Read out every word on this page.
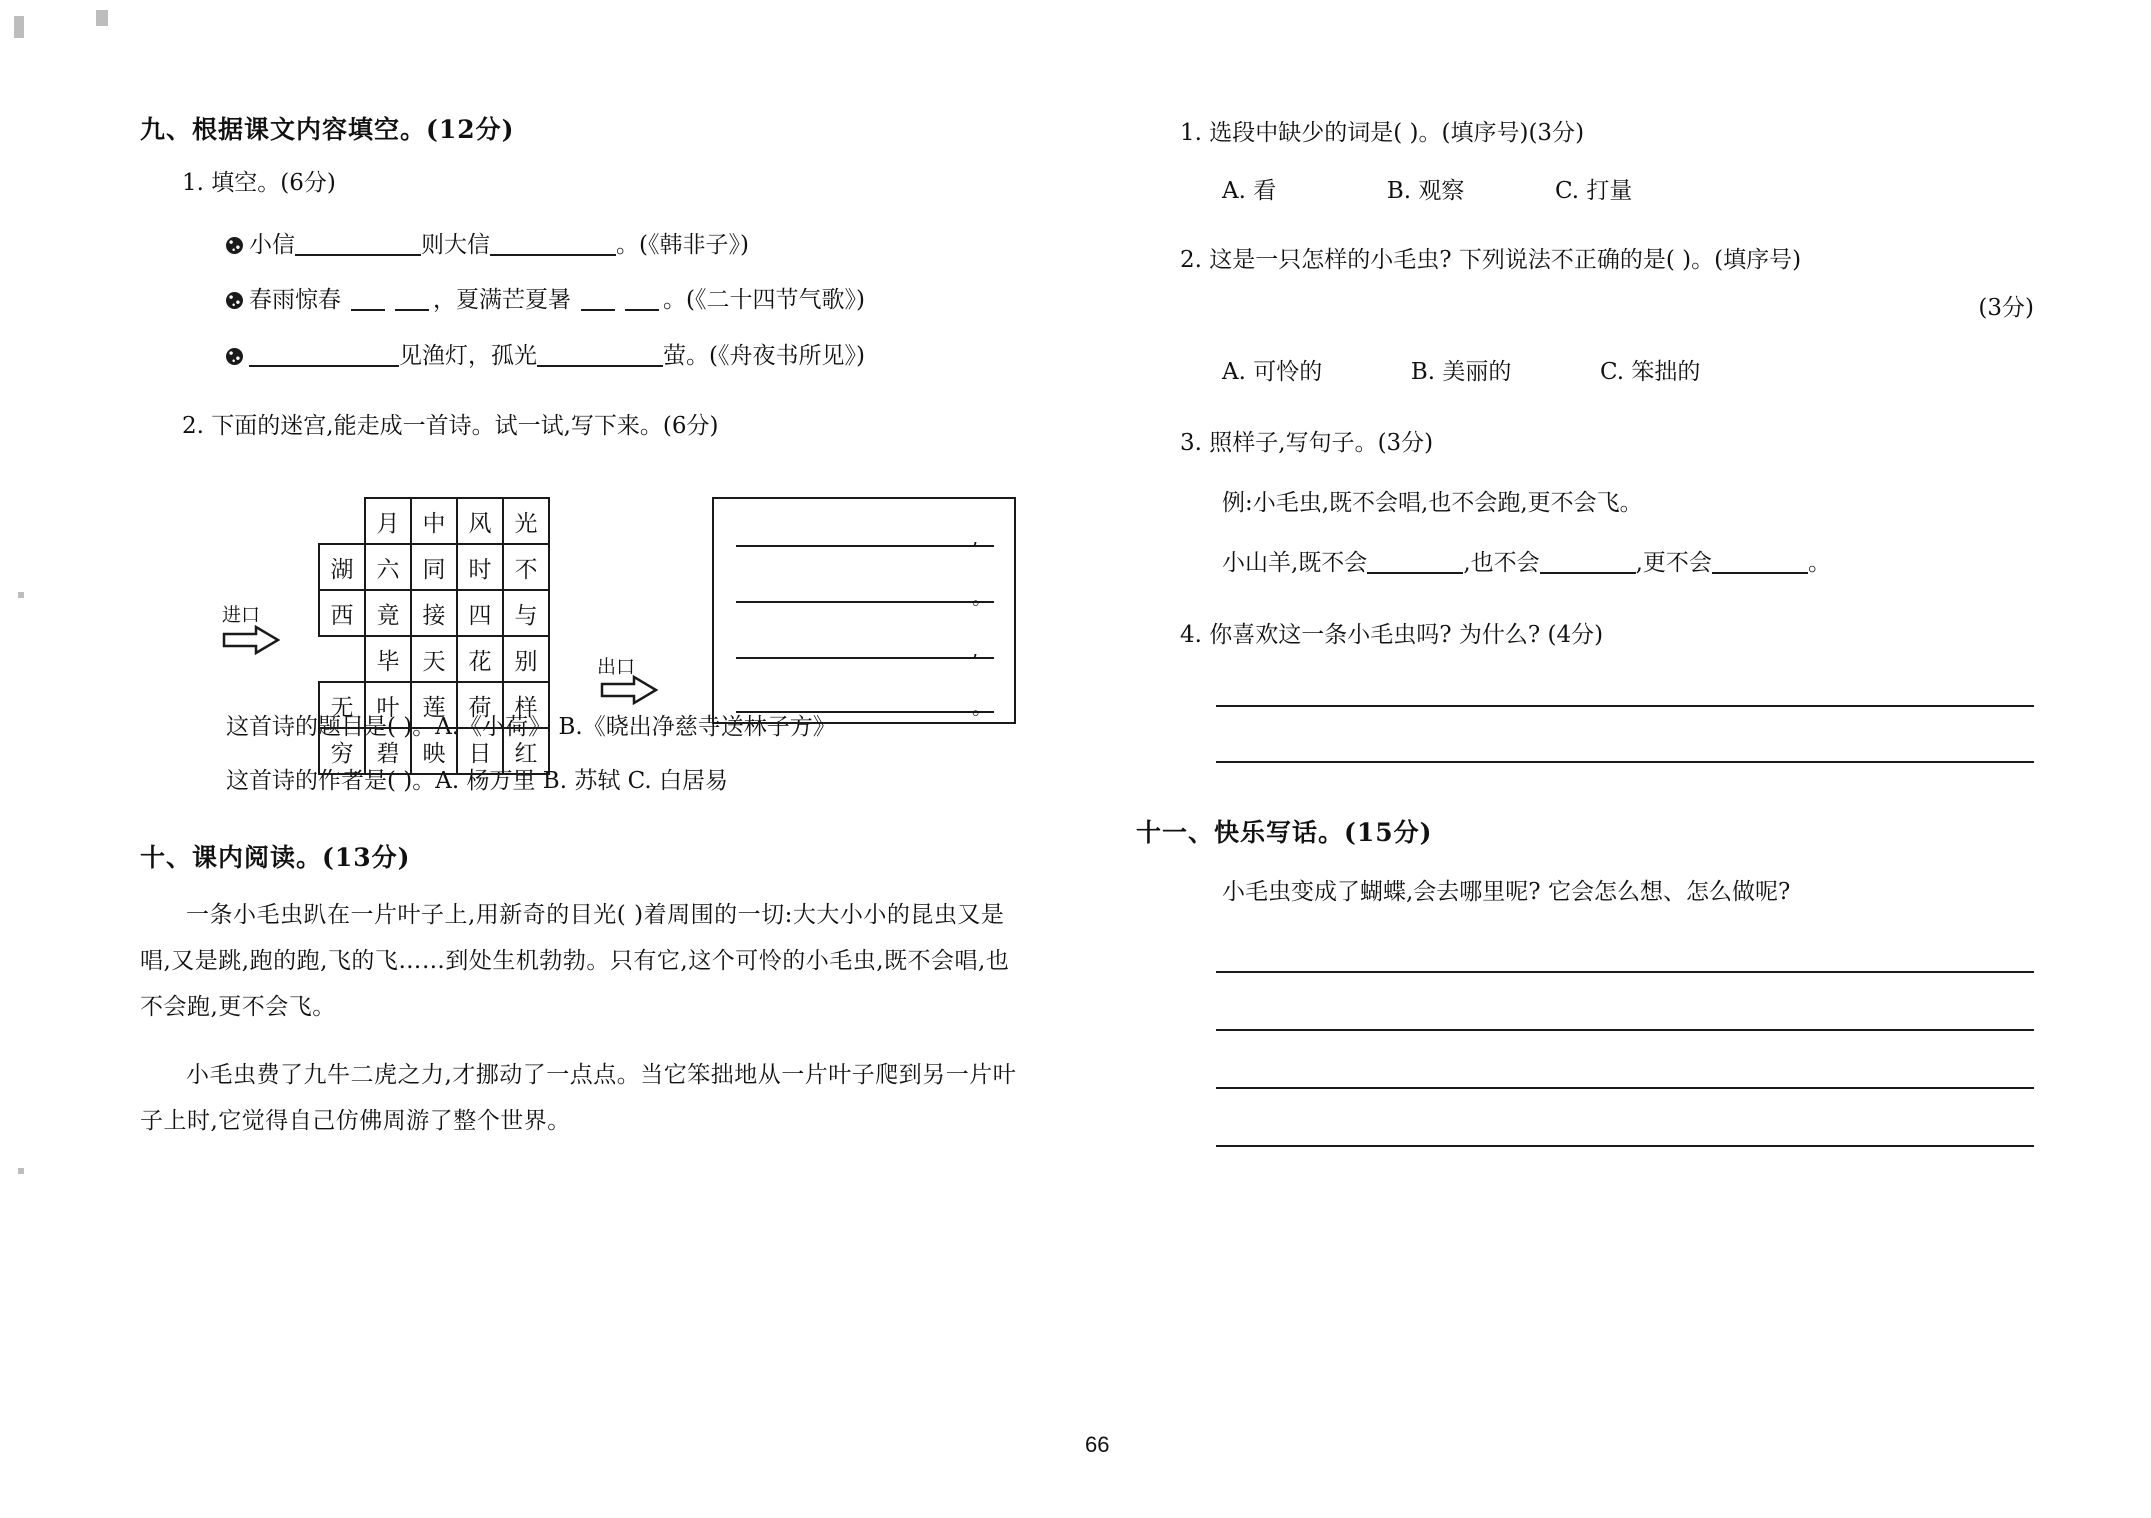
九、根据课文内容填空。(12分)
1. 填空。(6分)
小信	则大信	。(《韩非子》)
春雨惊春	，夏满芒夏暑	。(《二十四节气歌》)
见渔灯，孤光	萤。(《舟夜书所见》)
2. 下面的迷宫,能走成一首诗。试一试,写下来。(6分)
这首诗的题目是( )。A.《小荷》 B.《晓出净慈寺送林子方》
这首诗的作者是( )。A. 杨万里 B. 苏轼 C. 白居易
十、课内阅读。(13分)

一条小毛虫趴在一片叶子上,用新奇的目光( )着周围的一切:大大小小的昆虫又是唱,又是跳,跑的跑,飞的飞……到处生机勃勃。只有它,这个可怜的小毛虫,既不会唱,也不会跑,更不会飞。

小毛虫费了九牛二虎之力,才挪动了一点点。当它笨拙地从一片叶子爬到另一片叶子上时,它觉得自己仿佛周游了整个世界。

	月	中	风	光
湖	六	同	时	不
西	竟	接	四	与
	毕	天	花	别
无	叶	莲	荷	样
穷	碧	映	日	红
进口
出口
,
。
,
。
1. 选段中缺少的词是( )。(填序号)(3分)
A. 看	B. 观察	C. 打量
2. 这是一只怎样的小毛虫? 下列说法不正确的是( )。(填序号)
(3分)
A. 可怜的	B. 美丽的	C. 笨拙的
3. 照样子,写句子。(3分)
例:小毛虫,既不会唱,也不会跑,更不会飞。
小山羊,既不会	,也不会	,更不会	。
4. 你喜欢这一条小毛虫吗? 为什么? (4分)
十一、快乐写话。(15分)
小毛虫变成了蝴蝶,会去哪里呢? 它会怎么想、怎么做呢?
66
